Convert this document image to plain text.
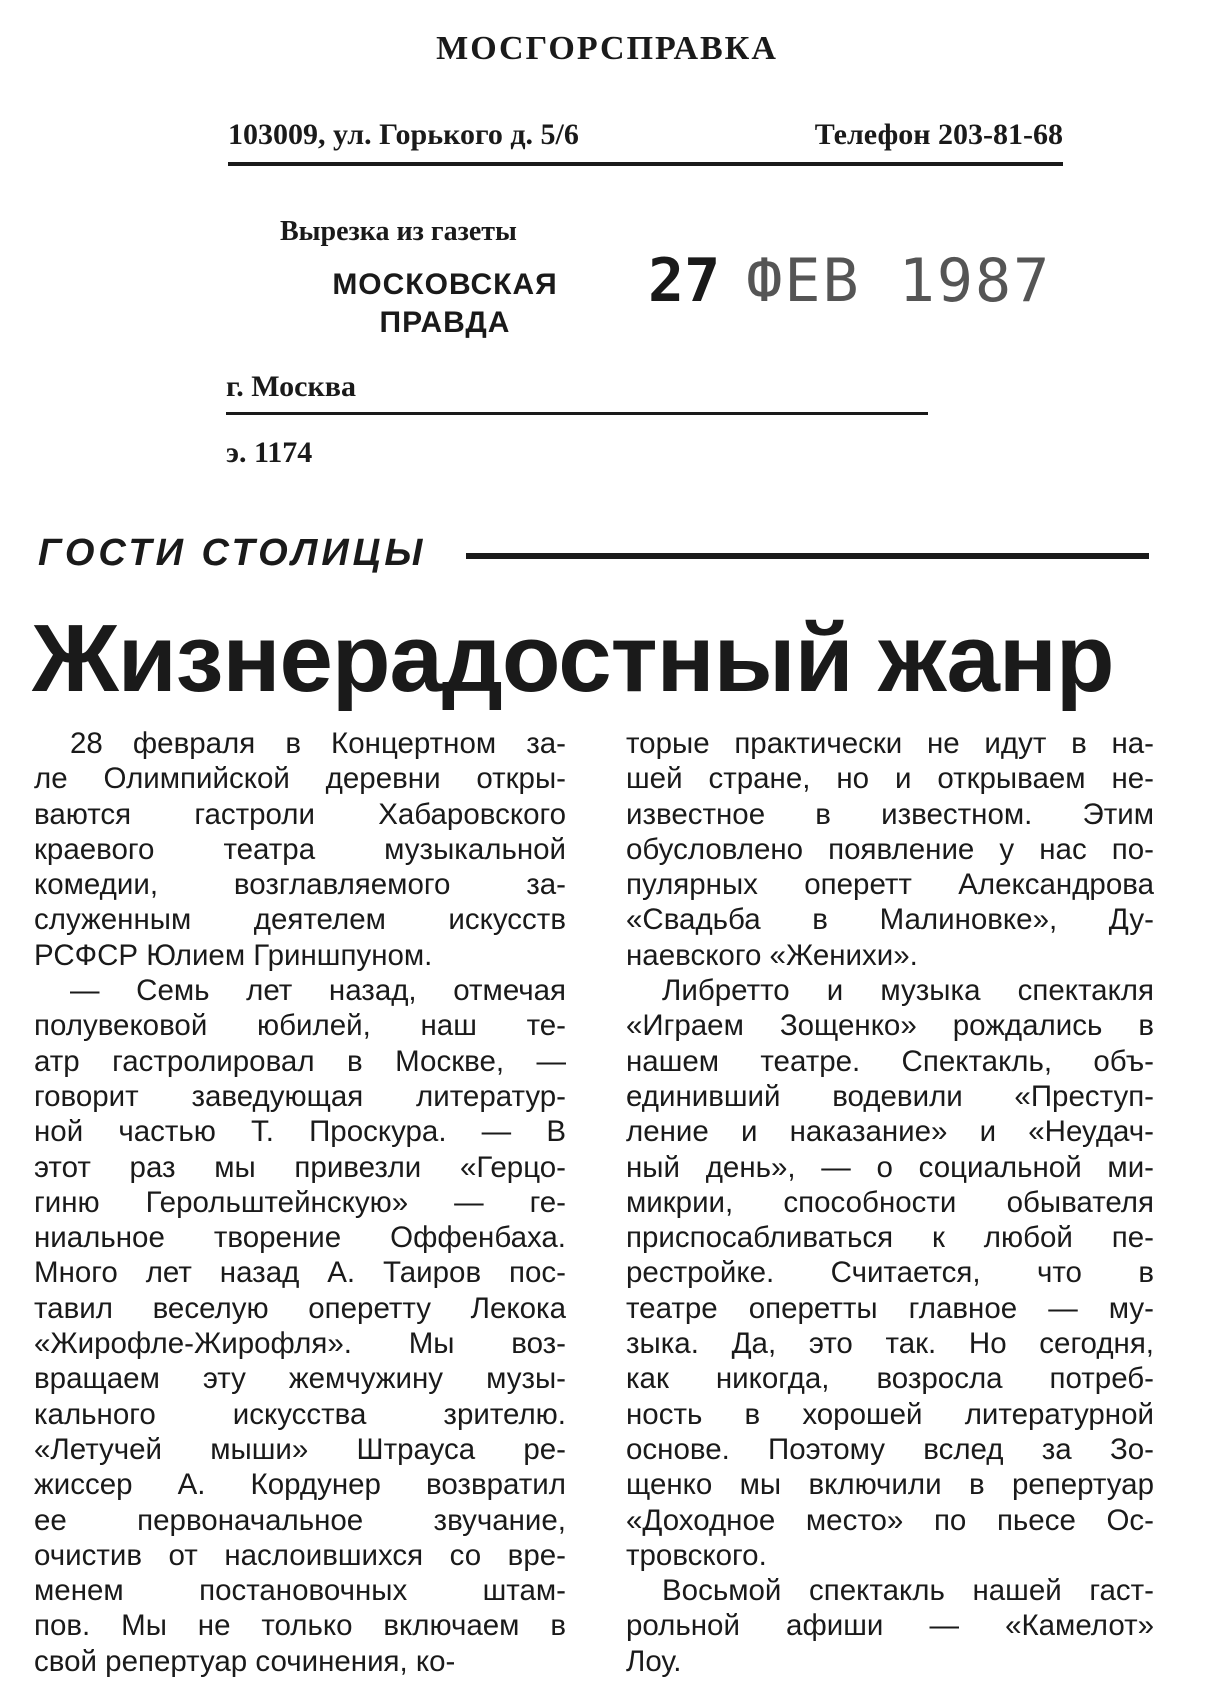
МОСГОРСПРАВКА
103009, ул. Горького д. 5/6	Телефон 203-81-68
Вырезка из газеты
МОСКОВСКАЯ
ПРАВДА
27 ФЕВ 1987
г. Москва
э. 1174
ГОСТИ СТОЛИЦЫ
Жизнерадостный жанр
28 февраля в Концертном за-
ле Олимпийской деревни откры-
ваются гастроли Хабаровского
краевого театра музыкальной
комедии, возглавляемого за-
служенным деятелем искусств
РСФСР Юлием Гриншпуном.
— Семь лет назад, отмечая
полувековой юбилей, наш те-
атр гастролировал в Москве, —
говорит заведующая литератур-
ной частью Т. Проскура. — В
этот раз мы привезли «Герцо-
гиню Герольштейнскую» — ге-
ниальное творение Оффенбаха.
Много лет назад А. Таиров пос-
тавил веселую оперетту Лекока
«Жирофле-Жирофля». Мы воз-
вращаем эту жемчужину музы-
кального искусства зрителю.
«Летучей мыши» Штрауса ре-
жиссер А. Кордунер возвратил
ее первоначальное звучание,
очистив от наслоившихся со вре-
менем постановочных штам-
пов. Мы не только включаем в
свой репертуар сочинения, ко-
торые практически не идут в на-
шей стране, но и открываем не-
известное в известном. Этим
обусловлено появление у нас по-
пулярных оперетт Александрова
«Свадьба в Малиновке», Ду-
наевского «Женихи».
Либретто и музыка спектакля
«Играем Зощенко» рождались в
нашем театре. Спектакль, объ-
единивший водевили «Преступ-
ление и наказание» и «Неудач-
ный день», — о социальной ми-
микрии, способности обывателя
приспосабливаться к любой пе-
рестройке. Считается, что в
театре оперетты главное — му-
зыка. Да, это так. Но сегодня,
как никогда, возросла потреб-
ность в хорошей литературной
основе. Поэтому вслед за Зо-
щенко мы включили в репертуар
«Доходное место» по пьесе Ос-
тровского.
Восьмой спектакль нашей гаст-
рольной афиши — «Камелот»
Лоу.
